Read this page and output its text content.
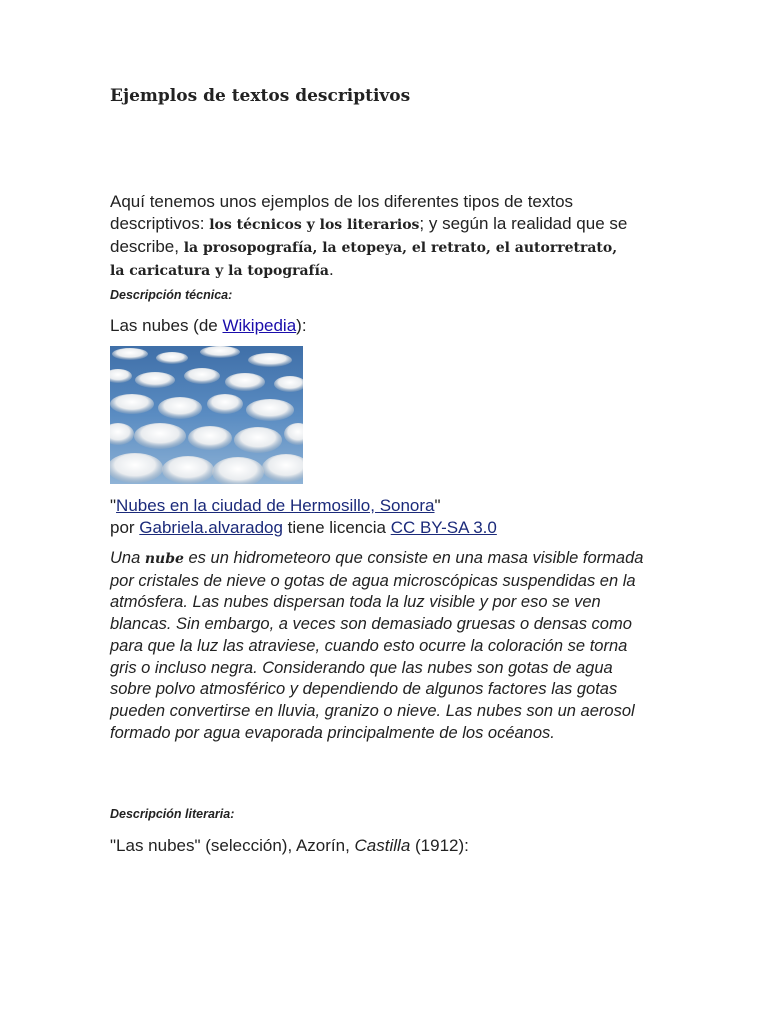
Ejemplos de textos descriptivos

Aquí tenemos unos ejemplos de los diferentes tipos de textos descriptivos: los técnicos y los literarios; y según la realidad que se describe, la prosopografía, la etopeya, el retrato, el autorretrato, la caricatura y la topografía.

Descripción técnica:

Las nubes (de Wikipedia):

"Nubes en la ciudad de Hermosillo, Sonora"
por Gabriela.alvaradog tiene licencia CC BY-SA 3.0

Una nube es un hidrometeoro que consiste en una masa visible formada por cristales de nieve o gotas de agua microscópicas suspendidas en la atmósfera. Las nubes dispersan toda la luz visible y por eso se ven blancas. Sin embargo, a veces son demasiado gruesas o densas como para que la luz las atraviese, cuando esto ocurre la coloración se torna gris o incluso negra. Considerando que las nubes son gotas de agua sobre polvo atmosférico y dependiendo de algunos factores las gotas pueden convertirse en lluvia, granizo o nieve. Las nubes son un aerosol formado por agua evaporada principalmente de los océanos.

Descripción literaria:

"Las nubes" (selección), Azorín, Castilla (1912):
